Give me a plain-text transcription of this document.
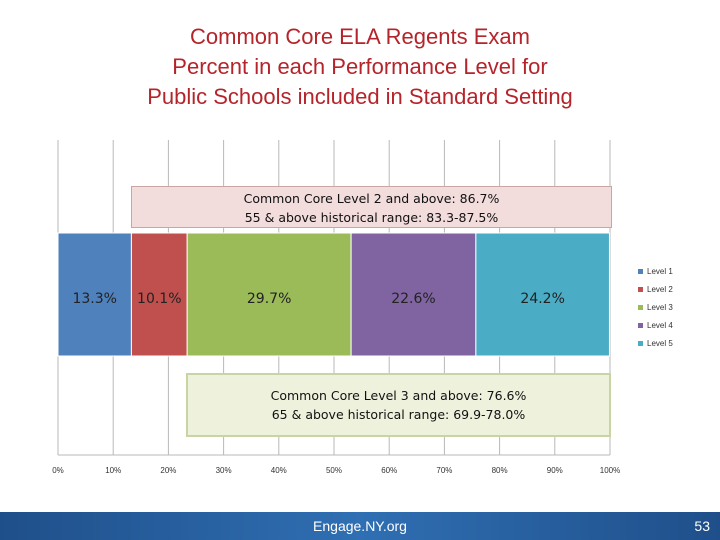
Common Core ELA Regents Exam
Percent in each Performance Level for
Public Schools included in Standard Setting
13.3% 10.1%	29.7%	22.6%	24.2%
0%	10%	20%	30%	40%	50%	60%	70%	80%	90%	100%
Common Core Level 2 and above: 86.7%
55 & above historical range: 83.3-87.5%
Common Core Level 3 and above: 76.6%
65 & above historical range: 69.9-78.0%
Level 1
Level 2
Level 3
Level 4
Level 5
Engage.NY.org	53
